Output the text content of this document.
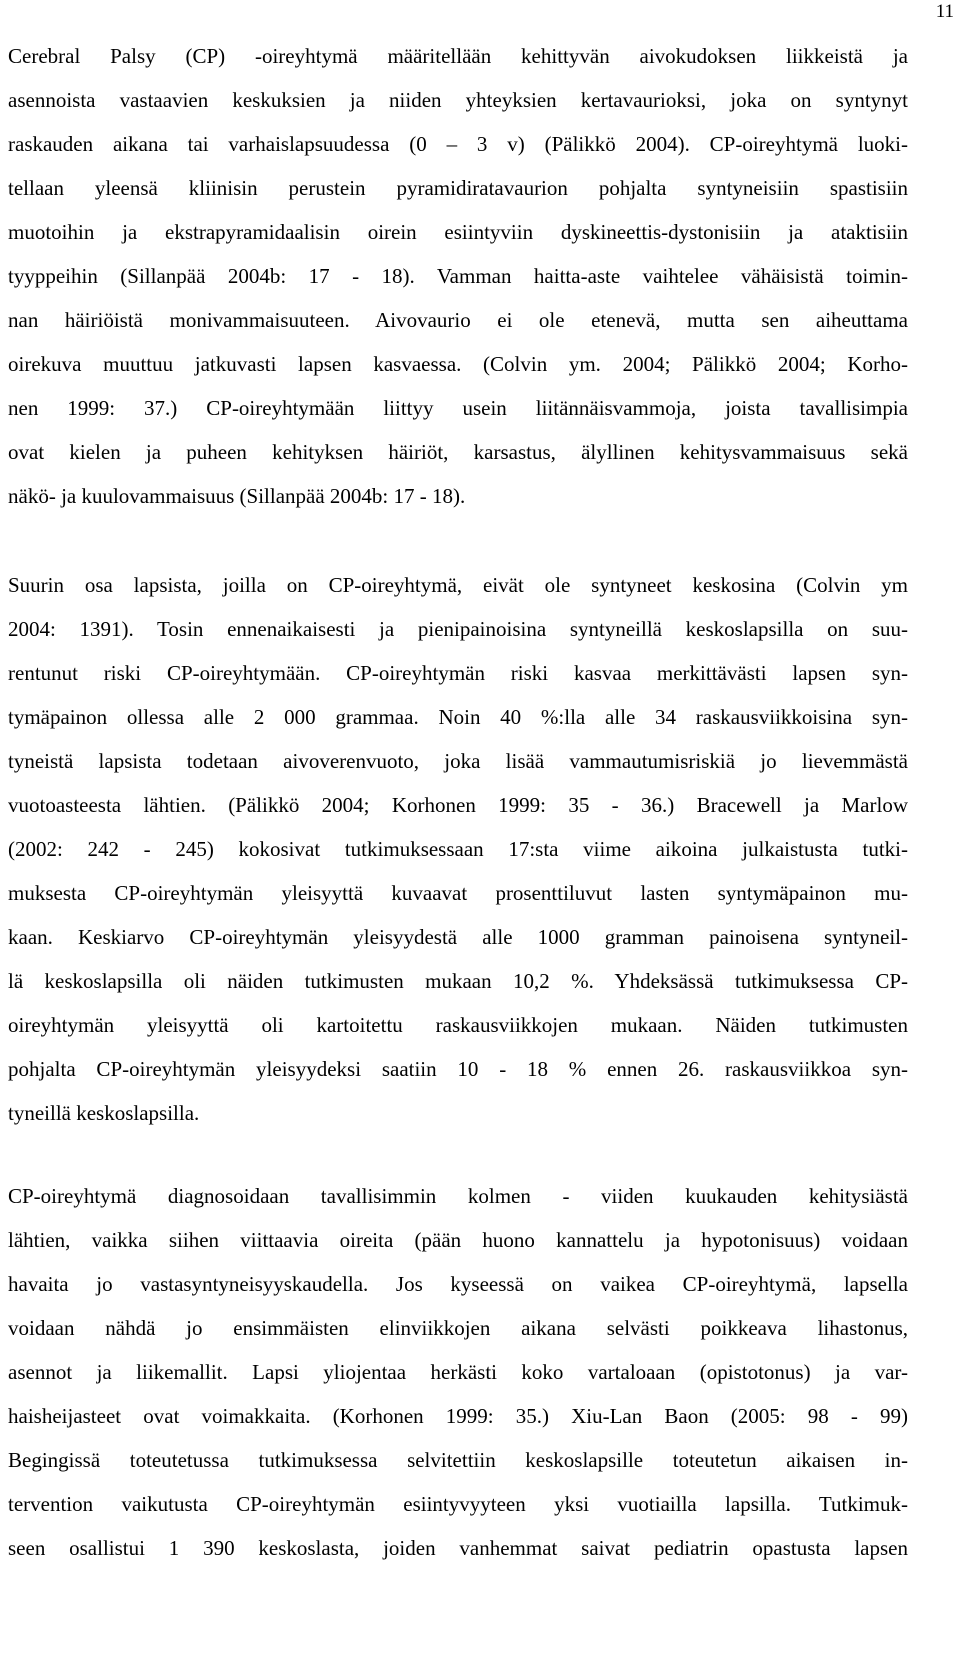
11
Cerebral Palsy (CP) -oireyhtymä määritellään kehittyvän aivokudoksen liikkeistä ja
asennoista vastaavien keskuksien ja niiden yhteyksien kertavaurioksi, joka on syntynyt
raskauden aikana tai varhaislapsuudessa (0 – 3 v) (Pälikkö 2004). CP-oireyhtymä luoki-
tellaan yleensä kliinisin perustein pyramidiratavaurion pohjalta syntyneisiin spastisiin
muotoihin ja ekstrapyramidaalisin oirein esiintyviin dyskineettis-dystonisiin ja ataktisiin
tyyppeihin (Sillanpää 2004b: 17 - 18). Vamman haitta-aste vaihtelee vähäisistä toimin-
nan häiriöistä monivammaisuuteen. Aivovaurio ei ole etenevä, mutta sen aiheuttama
oirekuva muuttuu jatkuvasti lapsen kasvaessa. (Colvin ym. 2004; Pälikkö 2004; Korho-
nen 1999: 37.) CP-oireyhtymään liittyy usein liitännäisvammoja, joista tavallisimpia
ovat kielen ja puheen kehityksen häiriöt, karsastus, älyllinen kehitysvammaisuus sekä
näkö- ja kuulovammaisuus (Sillanpää 2004b: 17 - 18).
Suurin osa lapsista, joilla on CP-oireyhtymä, eivät ole syntyneet keskosina (Colvin ym
2004: 1391). Tosin ennenaikaisesti ja pienipainoisina syntyneillä keskoslapsilla on suu-
rentunut riski CP-oireyhtymään. CP-oireyhtymän riski kasvaa merkittävästi lapsen syn-
tymäpainon ollessa alle 2 000 grammaa. Noin 40 %:lla alle 34 raskausviikkoisina syn-
tyneistä lapsista todetaan aivoverenvuoto, joka lisää vammautumisriskiä jo lievemmästä
vuotoasteesta lähtien. (Pälikkö 2004; Korhonen 1999: 35 - 36.) Bracewell ja Marlow
(2002: 242 - 245) kokosivat tutkimuksessaan 17:sta viime aikoina julkaistusta tutki-
muksesta CP-oireyhtymän yleisyyttä kuvaavat prosenttiluvut lasten syntymäpainon mu-
kaan. Keskiarvo CP-oireyhtymän yleisyydestä alle 1000 gramman painoisena syntyneil-
lä keskoslapsilla oli näiden tutkimusten mukaan 10,2 %. Yhdeksässä tutkimuksessa CP-
oireyhtymän yleisyyttä oli kartoitettu raskausviikkojen mukaan. Näiden tutkimusten
pohjalta CP-oireyhtymän yleisyydeksi saatiin 10 - 18 % ennen 26. raskausviikkoa syn-
tyneillä keskoslapsilla.
CP-oireyhtymä diagnosoidaan tavallisimmin kolmen - viiden kuukauden kehitysiästä
lähtien, vaikka siihen viittaavia oireita (pään huono kannattelu ja hypotonisuus) voidaan
havaita jo vastasyntyneisyyskaudella. Jos kyseessä on vaikea CP-oireyhtymä, lapsella
voidaan nähdä jo ensimmäisten elinviikkojen aikana selvästi poikkeava lihastonus,
asennot ja liikemallit. Lapsi yliojentaa herkästi koko vartaloaan (opistotonus) ja var-
haisheijasteet ovat voimakkaita. (Korhonen 1999: 35.) Xiu-Lan Baon (2005: 98 - 99)
Begingissä toteutetussa tutkimuksessa selvitettiin keskoslapsille toteutetun aikaisen in-
tervention vaikutusta CP-oireyhtymän esiintyvyyteen yksi vuotiailla lapsilla. Tutkimuk-
seen osallistui 1 390 keskoslasta, joiden vanhemmat saivat pediatrin opastusta lapsen
